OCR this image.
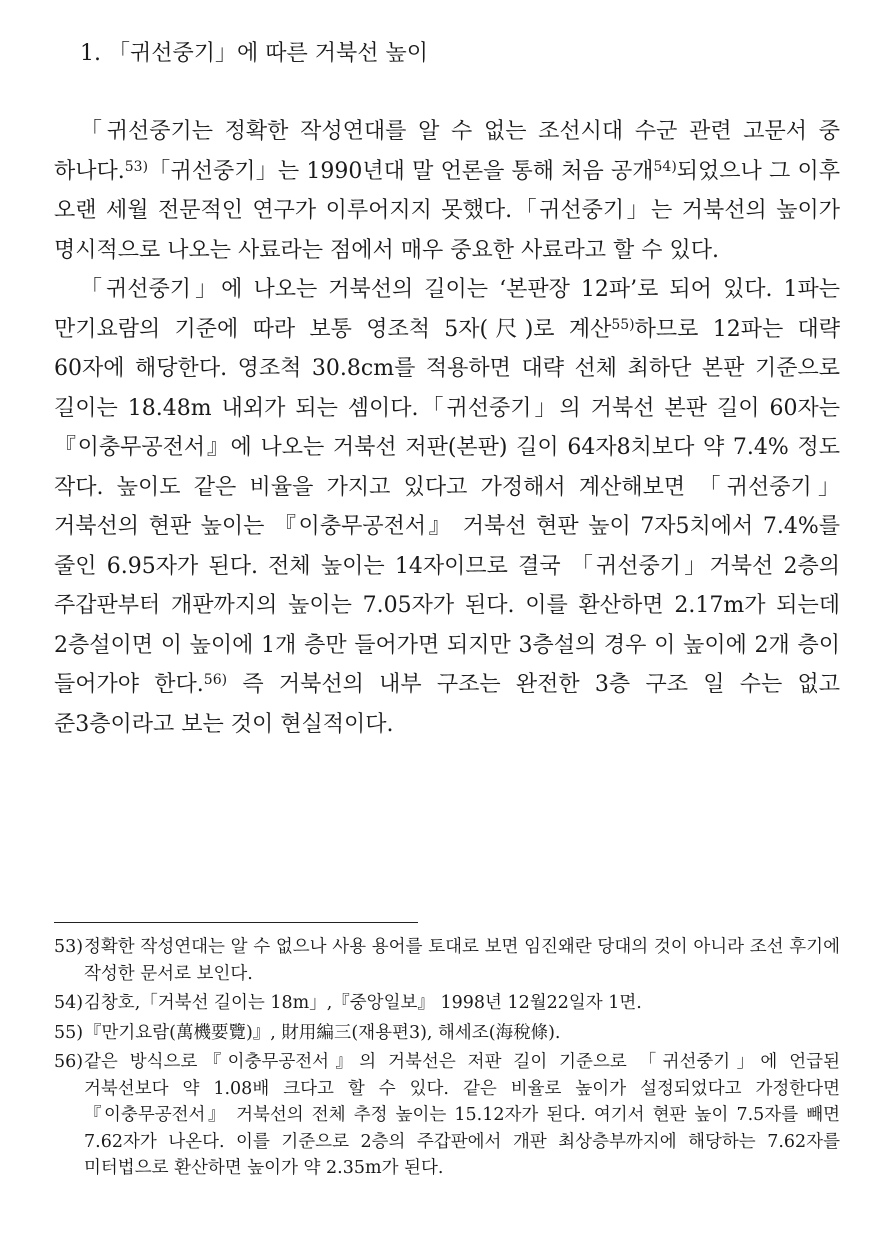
1. 「귀선중기」에 따른 거북선 높이

「귀선중기는 정확한 작성연대를 알 수 없는 조선시대 수군 관련 고문서 중 하나다.$^{53)}$「귀선중기」는 1990년대 말 언론을 통해 처음 공개$^{54)}$되었으나 그 이후 오랜 세월 전문적인 연구가 이루어지지 못했다.「귀선중기」는 거북선의 높이가 명시적으로 나오는 사료라는 점에서 매우 중요한 사료라고 할 수 있다.

「귀선중기」에 나오는 거북선의 길이는 ‘본판장 12파’로 되어 있다. 1파는 만기요람의 기준에 따라 보통 영조척 5자(尺)로 계산$^{55)}$하므로 12파는 대략 60자에 해당한다. 영조척 30.8cm를 적용하면 대략 선체 최하단 본판 기준으로 길이는 18.48m 내외가 되는 셈이다.「귀선중기」의 거북선 본판 길이 60자는 『이충무공전서』에 나오는 거북선 저판(본판) 길이 64자8치보다 약 7.4% 정도 작다. 높이도 같은 비율을 가지고 있다고 가정해서 계산해보면 「귀선중기」거북선의 현판 높이는 『이충무공전서』 거북선 현판 높이 7자5치에서 7.4%를 줄인 6.95자가 된다. 전체 높이는 14자이므로 결국 「귀선중기」거북선 2층의 주갑판부터 개판까지의 높이는 7.05자가 된다. 이를 환산하면 2.17m가 되는데 2층설이면 이 높이에 1개 층만 들어가면 되지만 3층설의 경우 이 높이에 2개 층이 들어가야 한다.$^{56)}$ 즉 거북선의 내부 구조는 완전한 3층 구조 일 수는 없고 준3층이라고 보는 것이 현실적이다.

53) 정확한 작성연대는 알 수 없으나 사용 용어를 토대로 보면 임진왜란 당대의 것이 아니라 조선 후기에 작성한 문서로 보인다.
54) 김창호,「거북선 길이는 18m」,『중앙일보』 1998년 12월22일자 1면.
55) 『만기요람(萬機要覽)』, 財用編三(재용편3), 해세조(海稅條).
56) 같은 방식으로『이충무공전서』의 거북선은 저판 길이 기준으로 「귀선중기」에 언급된 거북선보다 약 1.08배 크다고 할 수 있다. 같은 비율로 높이가 설정되었다고 가정한다면 『이충무공전서』 거북선의 전체 추정 높이는 15.12자가 된다. 여기서 현판 높이 7.5자를 빼면 7.62자가 나온다. 이를 기준으로 2층의 주갑판에서 개판 최상층부까지에 해당하는 7.62자를 미터법으로 환산하면 높이가 약 2.35m가 된다.
